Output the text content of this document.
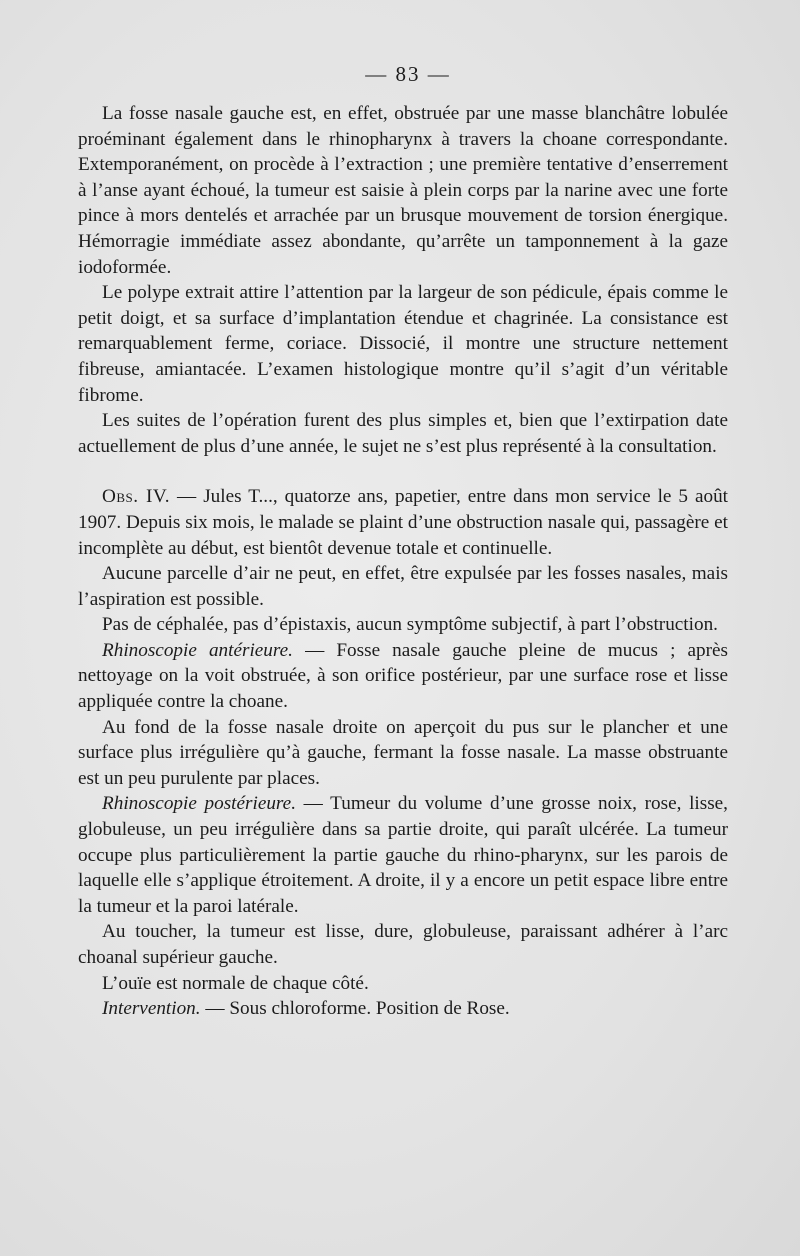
— 83 —

La fosse nasale gauche est, en effet, obstruée par une masse blanchâtre lobulée proéminant également dans le rhinopharynx à travers la choane correspondante. Extemporanément, on procède à l’extraction ; une première tentative d’enserrement à l’anse ayant échoué, la tumeur est saisie à plein corps par la narine avec une forte pince à mors dentelés et arrachée par un brusque mouvement de torsion énergique. Hémorragie immédiate assez abondante, qu’arrête un tamponnement à la gaze iodoformée.

Le polype extrait attire l’attention par la largeur de son pédicule, épais comme le petit doigt, et sa surface d’implantation étendue et chagrinée. La consistance est remarquablement ferme, coriace. Dissocié, il montre une structure nettement fibreuse, amiantacée. L’examen histologique montre qu’il s’agit d’un véritable fibrome.

Les suites de l’opération furent des plus simples et, bien que l’extirpation date actuellement de plus d’une année, le sujet ne s’est plus représenté à la consultation.

Obs. IV. — Jules T..., quatorze ans, papetier, entre dans mon service le 5 août 1907. Depuis six mois, le malade se plaint d’une obstruction nasale qui, passagère et incomplète au début, est bientôt devenue totale et continuelle.

Aucune parcelle d’air ne peut, en effet, être expulsée par les fosses nasales, mais l’aspiration est possible.

Pas de céphalée, pas d’épistaxis, aucun symptôme subjectif, à part l’obstruction.

Rhinoscopie antérieure. — Fosse nasale gauche pleine de mucus ; après nettoyage on la voit obstruée, à son orifice postérieur, par une surface rose et lisse appliquée contre la choane.

Au fond de la fosse nasale droite on aperçoit du pus sur le plancher et une surface plus irrégulière qu’à gauche, fermant la fosse nasale. La masse obstruante est un peu purulente par places.

Rhinoscopie postérieure. — Tumeur du volume d’une grosse noix, rose, lisse, globuleuse, un peu irrégulière dans sa partie droite, qui paraît ulcérée. La tumeur occupe plus particulièrement la partie gauche du rhino-pharynx, sur les parois de laquelle elle s’applique étroitement. A droite, il y a encore un petit espace libre entre la tumeur et la paroi latérale.

Au toucher, la tumeur est lisse, dure, globuleuse, paraissant adhérer à l’arc choanal supérieur gauche.

L’ouïe est normale de chaque côté.

Intervention. — Sous chloroforme. Position de Rose.
